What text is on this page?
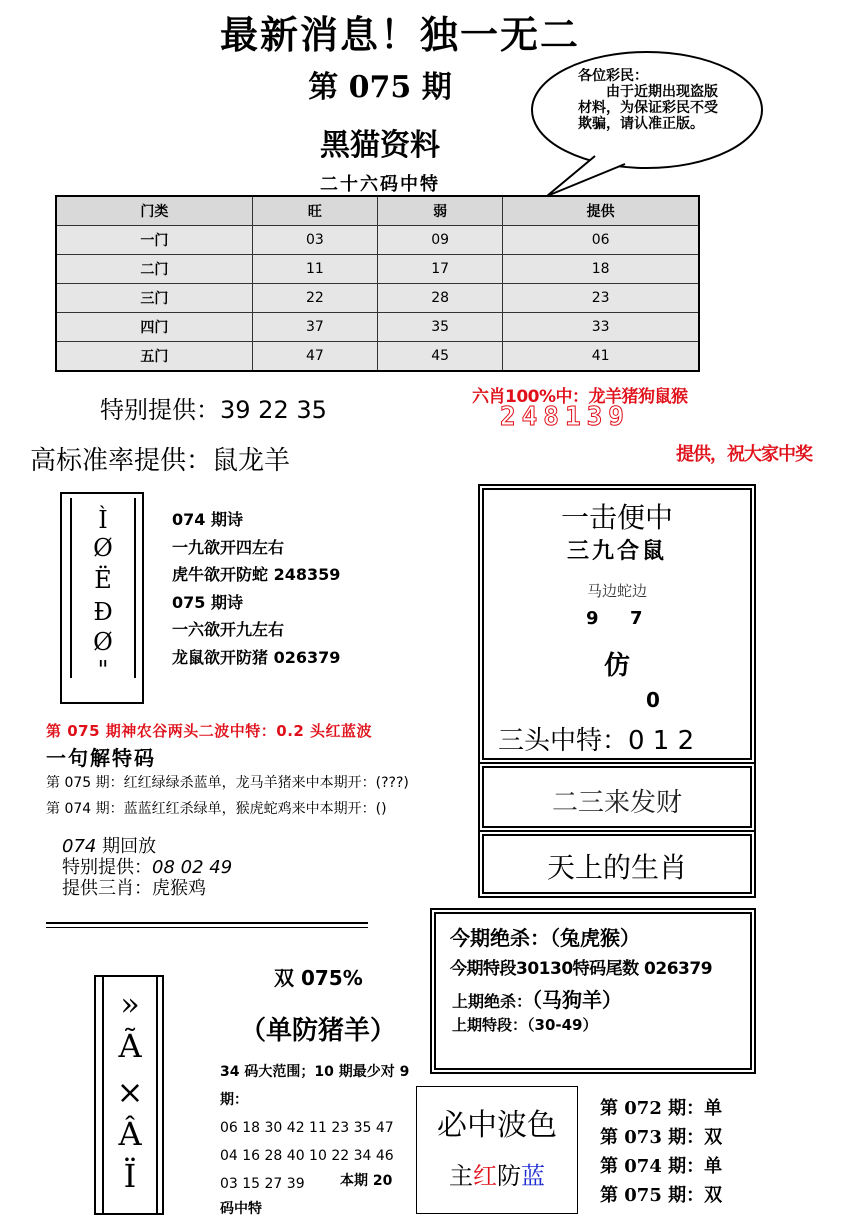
最新消息！独一无二
第 075 期
黑猫资料
二十六码中特
各位彩民：
由于近期出现盗版材料，为保证彩民不受欺骗，请认准正版。
门类	旺	弱	提供
一门	03	09	06
二门	11	17	18
三门	22	28	23
四门	37	35	33
五门	47	45	41
特别提供：39 22 35	六肖100%中：龙羊猪狗鼠猴
248139
提供，祝大家中奖
高标准率提供：鼠龙羊
Ì
Ø
Ë
Ð
Ø
"
074 期诗
一九欲开四左右
虎牛欲开防蛇 248359
075 期诗
一六欲开九左右
龙鼠欲开防猪 026379
第 075 期神农谷两头二波中特：0.2 头红蓝波
一句解特码
第 075 期：红红绿绿杀蓝单，龙马羊猪来中本期开：(???)
第 074 期：蓝蓝红红杀绿单，猴虎蛇鸡来中本期开：()
074 期回放
特别提供：08 02 49
提供三肖：虎猴鸡
一击便中
三九合鼠
马边蛇边
9 7
仿
0
三头中特：0 1 2
二三来发财
天上的生肖
今期绝杀：（兔虎猴）
今期特段30130特码尾数 026379
上期绝杀：（马狗羊）
上期特段：（30-49）
»
Ã
×
Â
Ï
双 075%
（单防猪羊）
34 码大范围；10 期最少对 9 期：
06 18 30 42 11 23 35 47
04 16 28 40 10 22 34 46
03 15 27 39	本期 20
码中特
必中波色
主红防蓝
第 072 期：单
第 073 期：双
第 074 期：单
第 075 期：双
